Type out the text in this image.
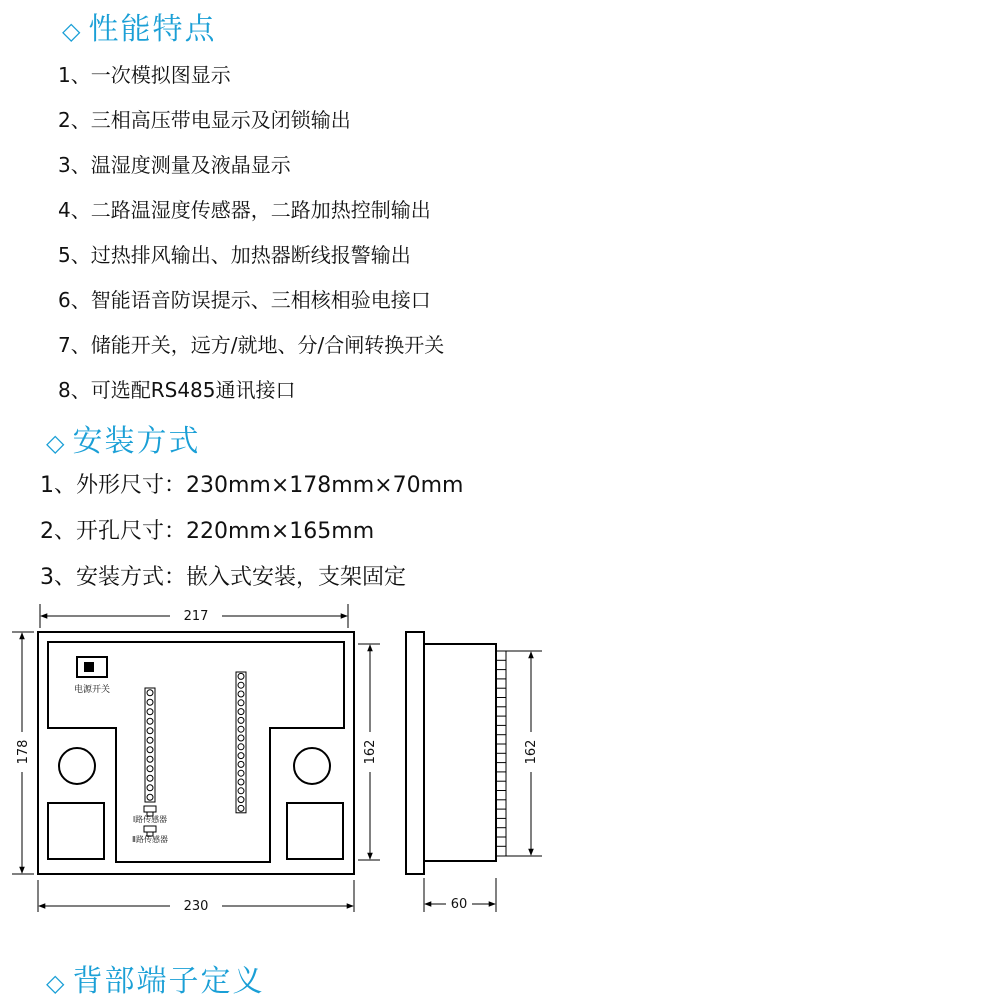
◇ 性能特点
1、一次模拟图显示
2、三相高压带电显示及闭锁输出
3、温湿度测量及液晶显示
4、二路温湿度传感器，二路加热控制输出
5、过热排风输出、加热器断线报警输出
6、智能语音防误提示、三相核相验电接口
7、储能开关，远方/就地、分/合闸转换开关
8、可选配RS485通讯接口
◇ 安装方式
1、外形尺寸：230mm×178mm×70mm
2、开孔尺寸：220mm×165mm
3、安装方式：嵌入式安装，支架固定
电源开关
Ⅰ路传感器
Ⅱ路传感器
217
230
178	162	162
60
◇ 背部端子定义
